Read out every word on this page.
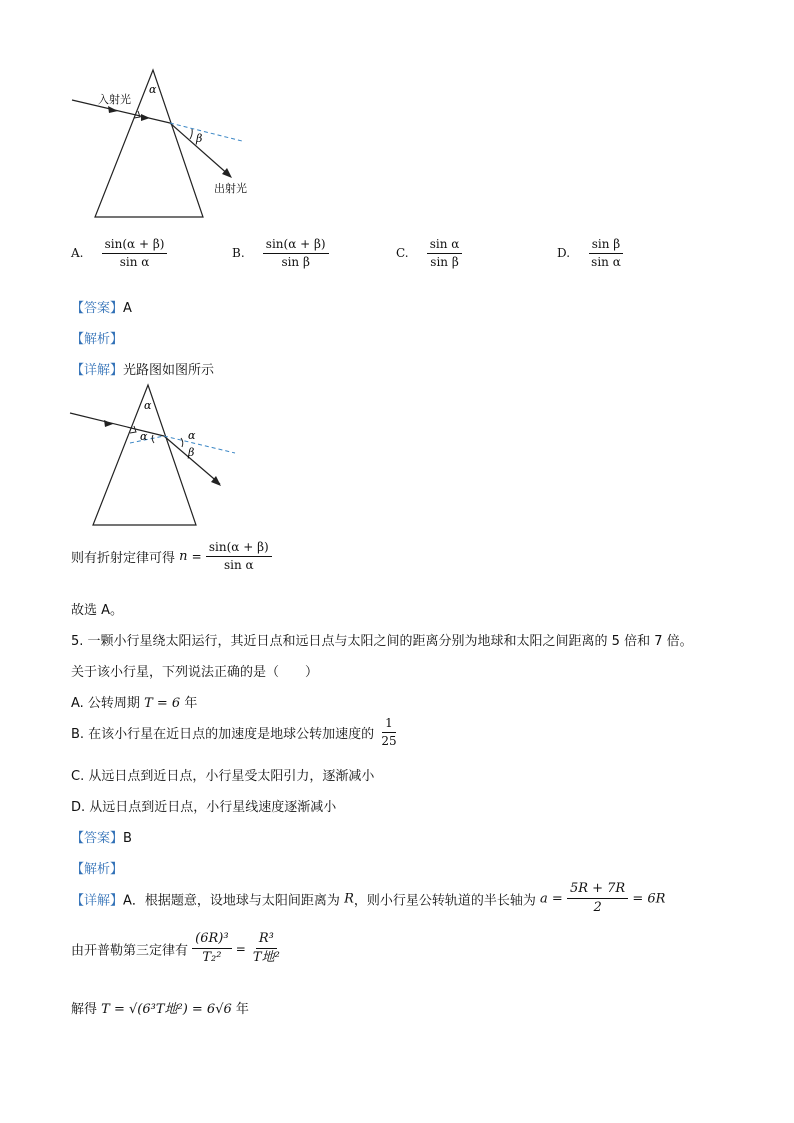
α
β
入射光
出射光
A. $\frac{\sin(\alpha + \beta)}{\text{sin α}}$	B. $\frac{\sin(\alpha + \beta)}{\text{sin β}}$	C. $\frac{\text{sin α}}{\text{sin β}}$	D. $\frac{\text{sin β}}{\text{sin α}}$
【答案】A
【解析】
【详解】光路图如图所示
α
α	α
β
则有折射定律可得 $n = \frac{\sin(\alpha + \beta)}{\text{sin α}}$
故选 A。
5. 一颗小行星绕太阳运行，其近日点和远日点与太阳之间的距离分别为地球和太阳之间距离的 5 倍和 7 倍。
关于该小行星，下列说法正确的是（　　）
A. 公转周期 T = 6 年
B. 在该小行星在近日点的加速度是地球公转加速度的 $\frac{1}{25}$
C. 从远日点到近日点，小行星受太阳引力，逐渐减小
D. 从远日点到近日点，小行星线速度逐渐减小
【答案】B
【解析】
【详解】A．根据题意，设地球与太阳间距离为 R，则小行星公转轨道的半长轴为 $a = \frac{5R + 7R}{2} = 6R$
由开普勒第三定律有 $\frac{\text{(6R)³}}{\text{T₂²}} = \frac{\text{R³}}{\text{T地²}}$
解得 T = √(6³T地²) = 6√6 年
